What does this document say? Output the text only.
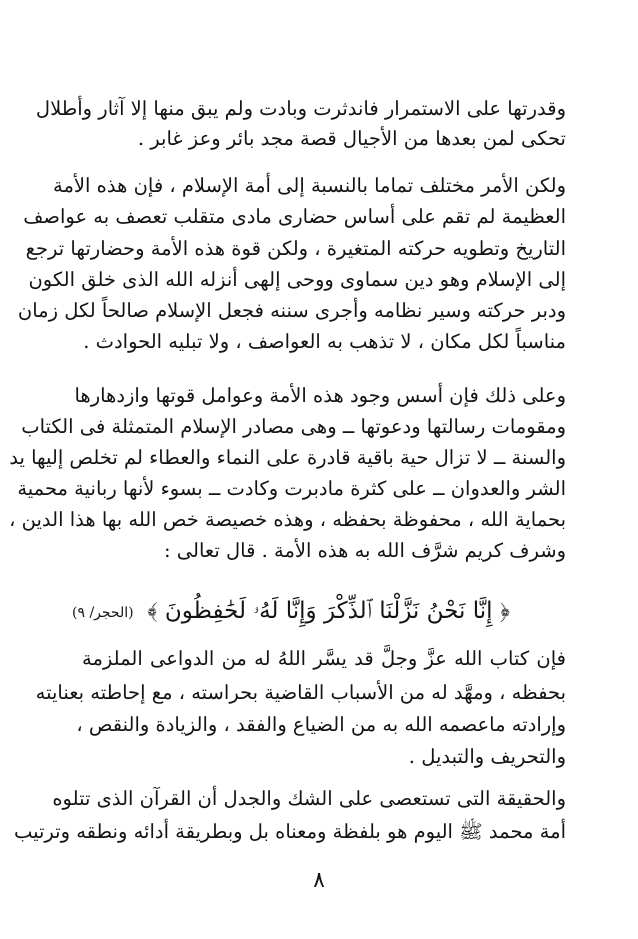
وقدرتها على الاستمرار فاندثرت وبادت ولم يبق منها إلا آثار وأطلال
تحكى لمن بعدها من الأجيال قصة مجد بائر وعز غابر .
ولكن الأمر مختلف تماما بالنسبة إلى أمة الإسلام ، فإن هذه الأمة
العظيمة لم تقم على أساس حضارى مادى متقلب تعصف به عواصف
التاريخ وتطويه حركته المتغيرة ، ولكن قوة هذه الأمة وحضارتها ترجع
إلى الإسلام وهو دين سماوى ووحى إلهى أنزله الله الذى خلق الكون
ودبر حركته وسير نظامه وأجرى سننه فجعل الإسلام صالحاً لكل زمان
مناسباً لكل مكان ، لا تذهب به العواصف ، ولا تبليه الحوادث .
وعلى ذلك فإن أسس وجود هذه الأمة وعوامل قوتها وازدهارها
ومقومات رسالتها ودعوتها ــ وهى مصادر الإسلام المتمثلة فى الكتاب
والسنة ــ لا تزال حية باقية قادرة على النماء والعطاء لم تخلص إليها يد
الشر والعدوان ــ على كثرة مادبرت وكادت ــ بسوء لأنها ربانية محمية
بحماية الله ، محفوظة بحفظه ، وهذه خصيصة خص الله بها هذا الدين ،
وشرف كريم شرَّف الله به هذه الأمة . قال تعالى :
﴿ إِنَّا نَحْنُ نَزَّلْنَا ٱلذِّكْرَ وَإِنَّا لَهُۥ لَحَٰفِظُونَ ﴾
(الحجر/ ٩)
فإن كتاب الله عزَّ وجلَّ قد يسَّر اللهُ له من الدواعى الملزمة
بحفظه ، ومهَّد له من الأسباب القاضية بحراسته ، مع إحاطته بعنايته
وإرادته ماعصمه الله به من الضياع والفقد ، والزيادة والنقص ،
والتحريف والتبديل .
والحقيقة التى تستعصى على الشك والجدل أن القرآن الذى تتلوه
أمة محمد ﷺ اليوم هو بلفظة ومعناه بل وبطريقة أدائه ونطقه وترتيب
٨
